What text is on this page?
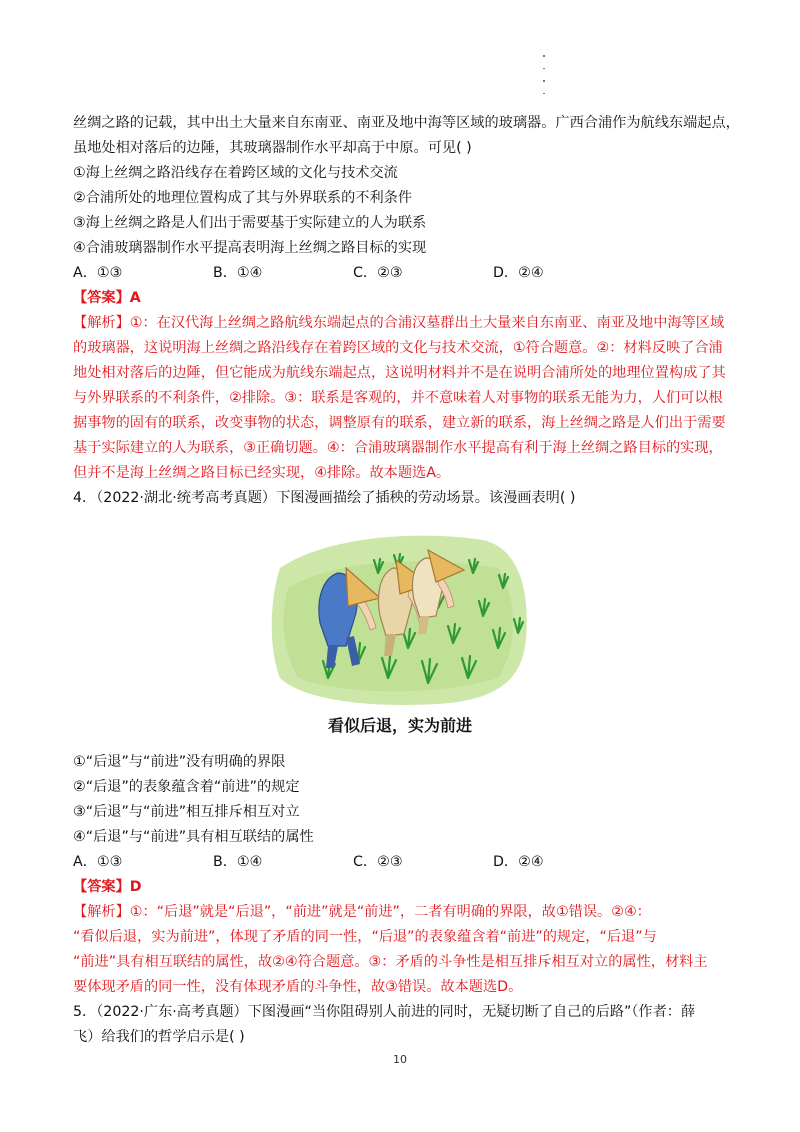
丝绸之路的记载，其中出土大量来自东南亚、南亚及地中海等区域的玻璃器。广西合浦作为航线东端起点，
虽地处相对落后的边陲，其玻璃器制作水平却高于中原。可见( )
①海上丝绸之路沿线存在着跨区域的文化与技术交流
②合浦所处的地理位置构成了其与外界联系的不利条件
③海上丝绸之路是人们出于需要基于实际建立的人为联系
④合浦玻璃器制作水平提高表明海上丝绸之路目标的实现
A．①③	B．①④	C．②③	D．②④
【答案】A
【解析】①：在汉代海上丝绸之路航线东端起点的合浦汉墓群出土大量来自东南亚、南亚及地中海等区域
的玻璃器，这说明海上丝绸之路沿线存在着跨区域的文化与技术交流，①符合题意。②：材料反映了合浦
地处相对落后的边陲，但它能成为航线东端起点，这说明材料并不是在说明合浦所处的地理位置构成了其
与外界联系的不利条件，②排除。③：联系是客观的，并不意味着人对事物的联系无能为力，人们可以根
据事物的固有的联系，改变事物的状态，调整原有的联系，建立新的联系，海上丝绸之路是人们出于需要
基于实际建立的人为联系，③正确切题。④：合浦玻璃器制作水平提高有利于海上丝绸之路目标的实现，
但并不是海上丝绸之路目标已经实现，④排除。故本题选A。
4．（2022·湖北·统考高考真题）下图漫画描绘了插秧的劳动场景。该漫画表明( )
看似后退，实为前进
①“后退”与“前进”没有明确的界限
②“后退”的表象蕴含着“前进”的规定
③“后退”与“前进”相互排斥相互对立
④“后退”与“前进”具有相互联结的属性
A．①③	B．①④	C．②③	D．②④
【答案】D
【解析】①：“后退”就是“后退”，“前进”就是“前进”，二者有明确的界限，故①错误。②④：
“看似后退，实为前进”，体现了矛盾的同一性，“后退”的表象蕴含着“前进”的规定，“后退”与
“前进”具有相互联结的属性，故②④符合题意。③：矛盾的斗争性是相互排斥相互对立的属性，材料主
要体现矛盾的同一性，没有体现矛盾的斗争性，故③错误。故本题选D。
5．（2022·广东·高考真题）下图漫画“当你阻碍别人前进的同时，无疑切断了自己的后路”（作者：薛
飞）给我们的哲学启示是( )
10
